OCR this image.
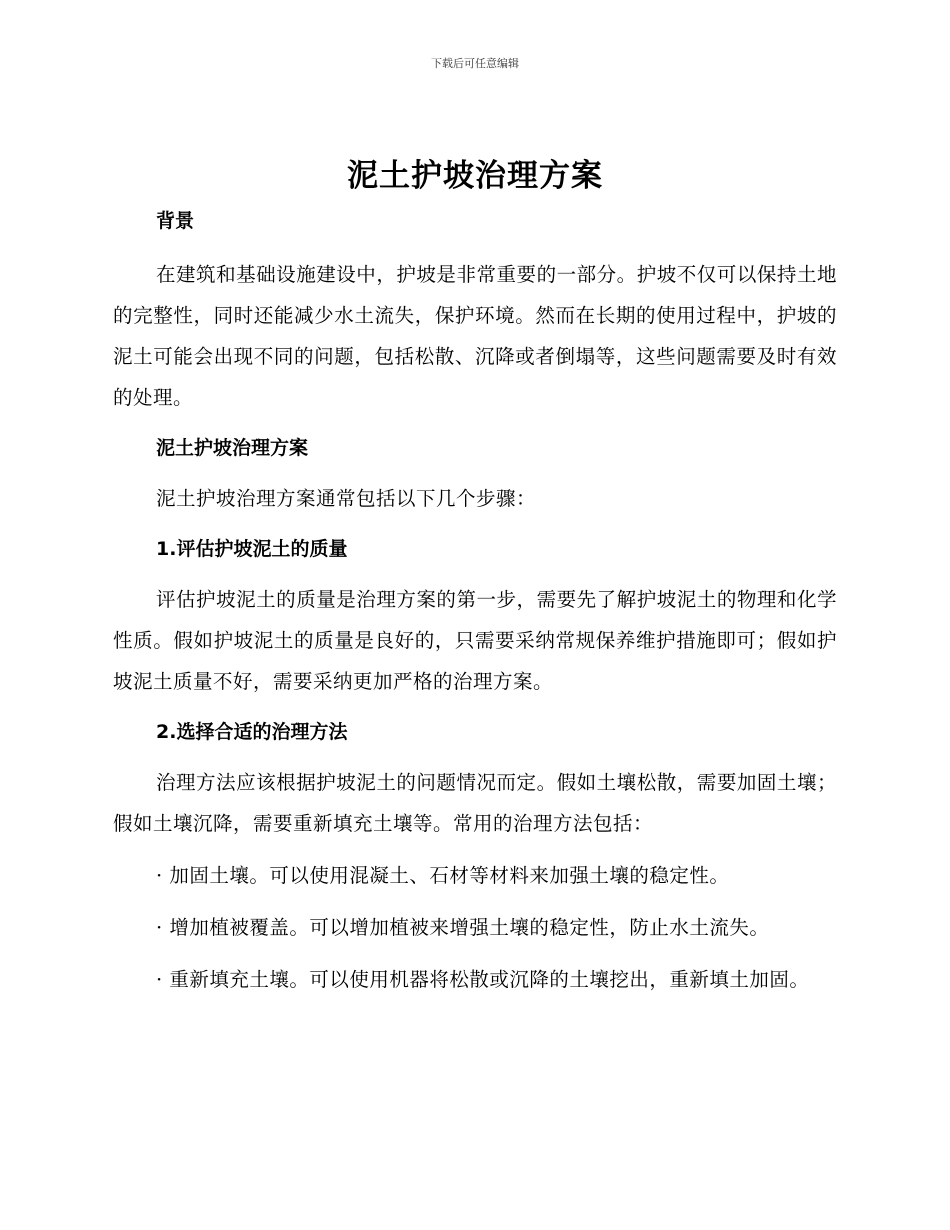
下载后可任意编辑
泥土护坡治理方案

背景

在建筑和基础设施建设中，护坡是非常重要的一部分。护坡不仅可以保持土地的完整性，同时还能减少水土流失，保护环境。然而在长期的使用过程中，护坡的泥土可能会出现不同的问题，包括松散、沉降或者倒塌等，这些问题需要及时有效的处理。

泥土护坡治理方案

泥土护坡治理方案通常包括以下几个步骤：

1.评估护坡泥土的质量

评估护坡泥土的质量是治理方案的第一步，需要先了解护坡泥土的物理和化学性质。假如护坡泥土的质量是良好的，只需要采纳常规保养维护措施即可；假如护坡泥土质量不好，需要采纳更加严格的治理方案。

2.选择合适的治理方法

治理方法应该根据护坡泥土的问题情况而定。假如土壤松散，需要加固土壤；假如土壤沉降，需要重新填充土壤等。常用的治理方法包括：

· 加固土壤。可以使用混凝土、石材等材料来加强土壤的稳定性。

· 增加植被覆盖。可以增加植被来增强土壤的稳定性，防止水土流失。

· 重新填充土壤。可以使用机器将松散或沉降的土壤挖出，重新填土加固。
